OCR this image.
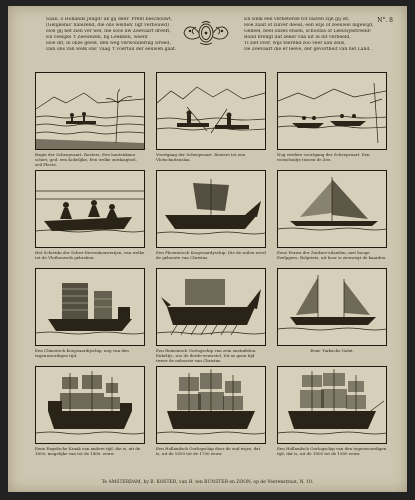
N°. 8
Saali, ö Hollands Jeugd! ak gij deez' Prent beschouwt,
(Gelijkenis' nalezend, die ons welden' ligt verbouwd)
Hoe gij het zien ver wel, die soos uw Zeevaart dreeft,
En veelijks 't Zeewezen, bij Leekken, weent
Hoe dit, in onze geest, den weg verwondering wreed,
Dan ons van welk ons' vaag 't voertuil der eeuwen gaat.
En welk een verbeterde tot Haven zijn gij ist,
Hoe zaalt of zuiver deess, een wijs of zeeuwel ingewijd,
Geheel, heel onzes ensen, schoonis of Leeuwjestreeld!
Rond brengt dat zeker van uit in dit verbeeld,
Tl ziet over, wijs teerend zoo veer aan zeils,
De Zeevaart die er leeve, der gevortheit van het Land.
Begin der Scheepvaart, Roeiers; Een houtenkano-schiet, ged. een Kokelijke, Een welke ontdaagtsel, zeil Plecte.
Voortgang der Scheepvaart. Roeiers tot een Vlotschuitenslaa.
Nog verdere voortgang der Scheepvaart. Een roeischuitje tussen de Zee.
Het Schietdn der Schee-Dievenbouwerijen, van welke tot de Vlotbouwels gebroken.
Een Phoenicisch Koopvaardyschip. Die de zeilen werd de geboorte van Christus.
Eene Prauw der Zuidzee-eilanden, met hooge Ezelpgevs, Bolpstrie, uit hoor is zienwegt de kaarden.
Een Chineesch Koopvaardijschip, nog van den tegenwoordigen tijd.
Een Romeinsch Oorlogschip van zein onstuifelen. Enkeltje, zoo de derde-eeuwstel, Dit as geen tijd tweer de geboorte van Christus.
Eene Turksche Galei.
Eene Engelsche Kraak van andere tijd, die is, uit de 1600, mogelijke van tot de 1400. eeuw.
Een Hollandsch Oorlogschip door de oud wijze, dat is, uit de 1650 tot de 1700 eeuw.
Een Hollandsch Oorlogschip van den tegenwoordigen tijd, dat is, uit de 1800 tot de 1900 eeuw.
Te AMSTERDAM, by B. KOSTER, van H. ten BUNSTER en ZOON, op de Veerenstraat, N. 10.
